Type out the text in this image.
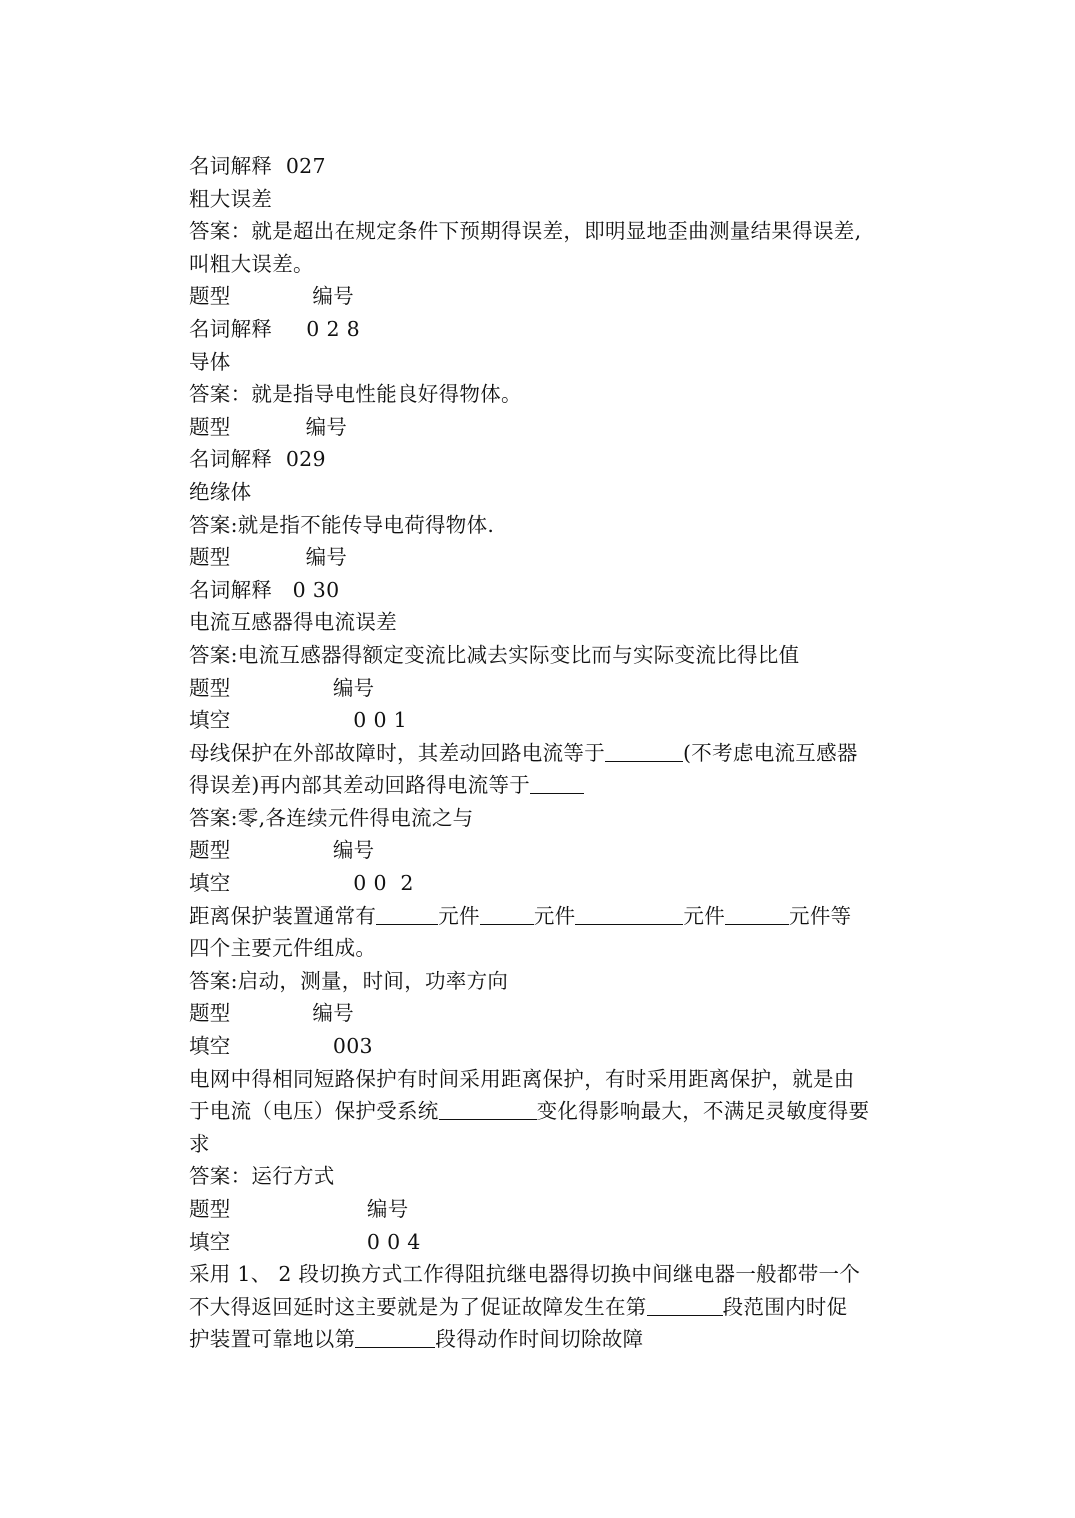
名词解释  027
粗大误差
答案：就是超出在规定条件下预期得误差，即明显地歪曲测量结果得误差,
叫粗大误差。
题型            编号
名词解释     0 2 8
导体
答案：就是指导电性能良好得物体。
题型           编号
名词解释  029
绝缘体
答案:就是指不能传导电荷得物体.
题型           编号
名词解释   0 30
电流互感器得电流误差
答案:电流互感器得额定变流比减去实际变比而与实际变流比得比值
题型               编号
填空                  0 0 1
母线保护在外部故障时，其差动回路电流等于	(不考虑电流互感器
得误差)再内部其差动回路得电流等于
答案:零,各连续元件得电流之与
题型               编号
填空                  0 0  2
距离保护装置通常有	元件	元件	元件	元件等
四个主要元件组成。
答案:启动，测量，时间，功率方向
题型            编号
填空               003
电网中得相同短路保护有时间采用距离保护，有时采用距离保护，就是由
于电流（电压）保护受系统	变化得影响最大，不满足灵敏度得要
求
答案：运行方式
题型                    编号
填空                    0 0 4
采用 1、 2 段切换方式工作得阻抗继电器得切换中间继电器一般都带一个
不大得返回延时这主要就是为了促证故障发生在第	段范围内时促
护装置可靠地以第	段得动作时间切除故障
